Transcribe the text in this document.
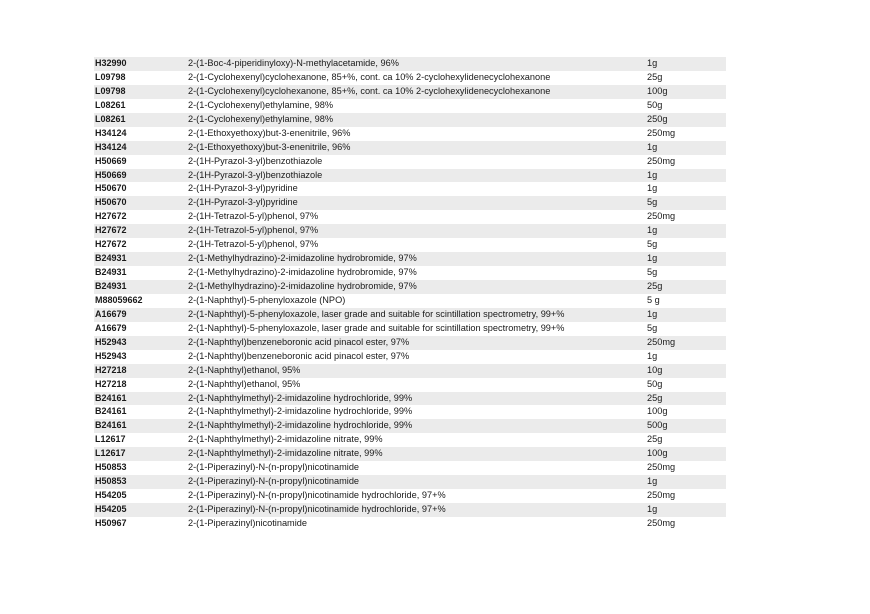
H32990	2-(1-Boc-4-piperidinyloxy)-N-methylacetamide, 96%	1g
L09798	2-(1-Cyclohexenyl)cyclohexanone, 85+%, cont. ca 10% 2-cyclohexylidenecyclohexanone	25g
L09798	2-(1-Cyclohexenyl)cyclohexanone, 85+%, cont. ca 10% 2-cyclohexylidenecyclohexanone	100g
L08261	2-(1-Cyclohexenyl)ethylamine, 98%	50g
L08261	2-(1-Cyclohexenyl)ethylamine, 98%	250g
H34124	2-(1-Ethoxyethoxy)but-3-enenitrile, 96%	250mg
H34124	2-(1-Ethoxyethoxy)but-3-enenitrile, 96%	1g
H50669	2-(1H-Pyrazol-3-yl)benzothiazole	250mg
H50669	2-(1H-Pyrazol-3-yl)benzothiazole	1g
H50670	2-(1H-Pyrazol-3-yl)pyridine	1g
H50670	2-(1H-Pyrazol-3-yl)pyridine	5g
H27672	2-(1H-Tetrazol-5-yl)phenol, 97%	250mg
H27672	2-(1H-Tetrazol-5-yl)phenol, 97%	1g
H27672	2-(1H-Tetrazol-5-yl)phenol, 97%	5g
B24931	2-(1-Methylhydrazino)-2-imidazoline hydrobromide, 97%	1g
B24931	2-(1-Methylhydrazino)-2-imidazoline hydrobromide, 97%	5g
B24931	2-(1-Methylhydrazino)-2-imidazoline hydrobromide, 97%	25g
M88059662	2-(1-Naphthyl)-5-phenyloxazole (NPO)	5 g
A16679	2-(1-Naphthyl)-5-phenyloxazole, laser grade and suitable for scintillation spectrometry, 99+%	1g
A16679	2-(1-Naphthyl)-5-phenyloxazole, laser grade and suitable for scintillation spectrometry, 99+%	5g
H52943	2-(1-Naphthyl)benzeneboronic acid pinacol ester, 97%	250mg
H52943	2-(1-Naphthyl)benzeneboronic acid pinacol ester, 97%	1g
H27218	2-(1-Naphthyl)ethanol, 95%	10g
H27218	2-(1-Naphthyl)ethanol, 95%	50g
B24161	2-(1-Naphthylmethyl)-2-imidazoline hydrochloride, 99%	25g
B24161	2-(1-Naphthylmethyl)-2-imidazoline hydrochloride, 99%	100g
B24161	2-(1-Naphthylmethyl)-2-imidazoline hydrochloride, 99%	500g
L12617	2-(1-Naphthylmethyl)-2-imidazoline nitrate, 99%	25g
L12617	2-(1-Naphthylmethyl)-2-imidazoline nitrate, 99%	100g
H50853	2-(1-Piperazinyl)-N-(n-propyl)nicotinamide	250mg
H50853	2-(1-Piperazinyl)-N-(n-propyl)nicotinamide	1g
H54205	2-(1-Piperazinyl)-N-(n-propyl)nicotinamide hydrochloride, 97+%	250mg
H54205	2-(1-Piperazinyl)-N-(n-propyl)nicotinamide hydrochloride, 97+%	1g
H50967	2-(1-Piperazinyl)nicotinamide	250mg
